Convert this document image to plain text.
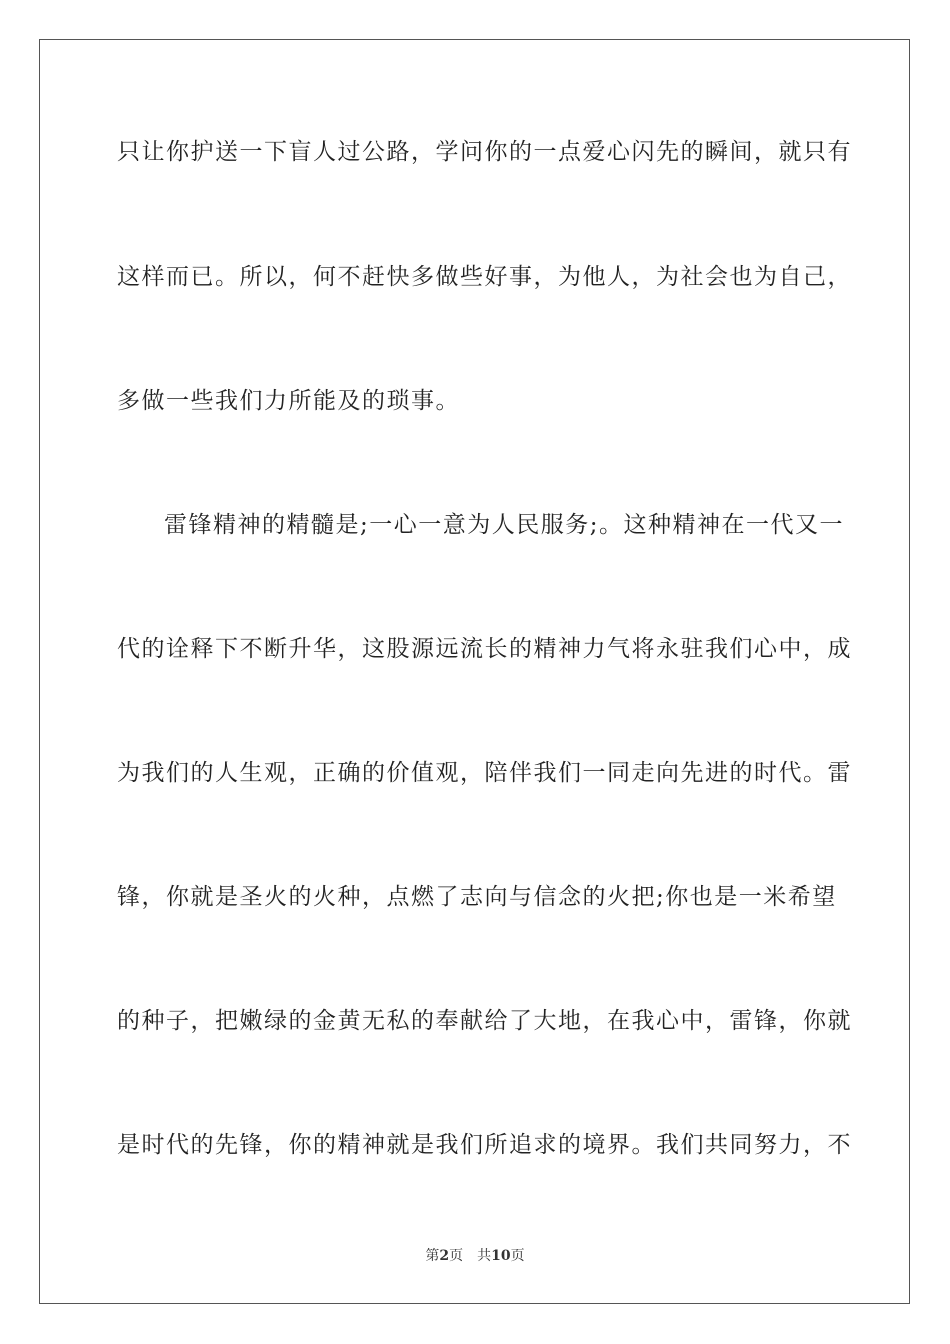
只让你护送一下盲人过公路，学问你的一点爱心闪先的瞬间，就只有
这样而已。所以，何不赶快多做些好事，为他人，为社会也为自己，
多做一些我们力所能及的琐事。
雷锋精神的精髓是;一心一意为人民服务;。这种精神在一代又一
代的诠释下不断升华，这股源远流长的精神力气将永驻我们心中，成
为我们的人生观，正确的价值观，陪伴我们一同走向先进的时代。雷
锋，你就是圣火的火种，点燃了志向与信念的火把;你也是一米希望
的种子，把嫩绿的金黄无私的奉献给了大地，在我心中，雷锋，你就
是时代的先锋，你的精神就是我们所追求的境界。我们共同努力，不
第2页 共10页
